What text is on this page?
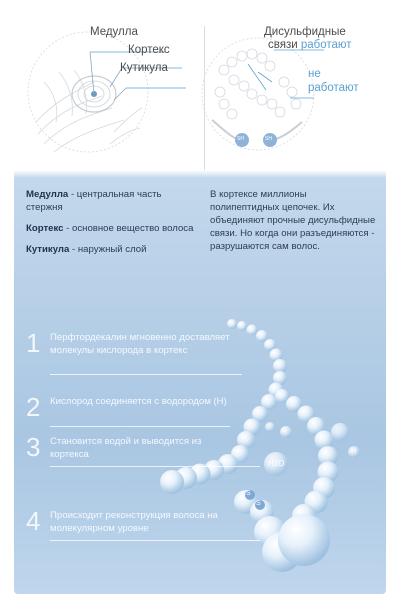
Медулла
Кортекс
Кутикула
Дисульфидные
связи работают
не
работают
SH	SH

Медулла - центральная часть стержня

Кортекс - основное вещество волоса

Кутикула - наружный слой

В кортексе миллионы полипептидных цепочек. Их объединяют прочные дисульфидные связи. Но когда они разъединяются - разрушаются сам волос.
H2O
H
O
S
S
1 Перфтордекалин мгновенно доставляет молекулы кислорода в кортекс
2 Кислород соединяется с водородом (Н)
3 Становится водой и выводится из кортекса
4 Происходит реконструкция волоса на молекулярном уровне
